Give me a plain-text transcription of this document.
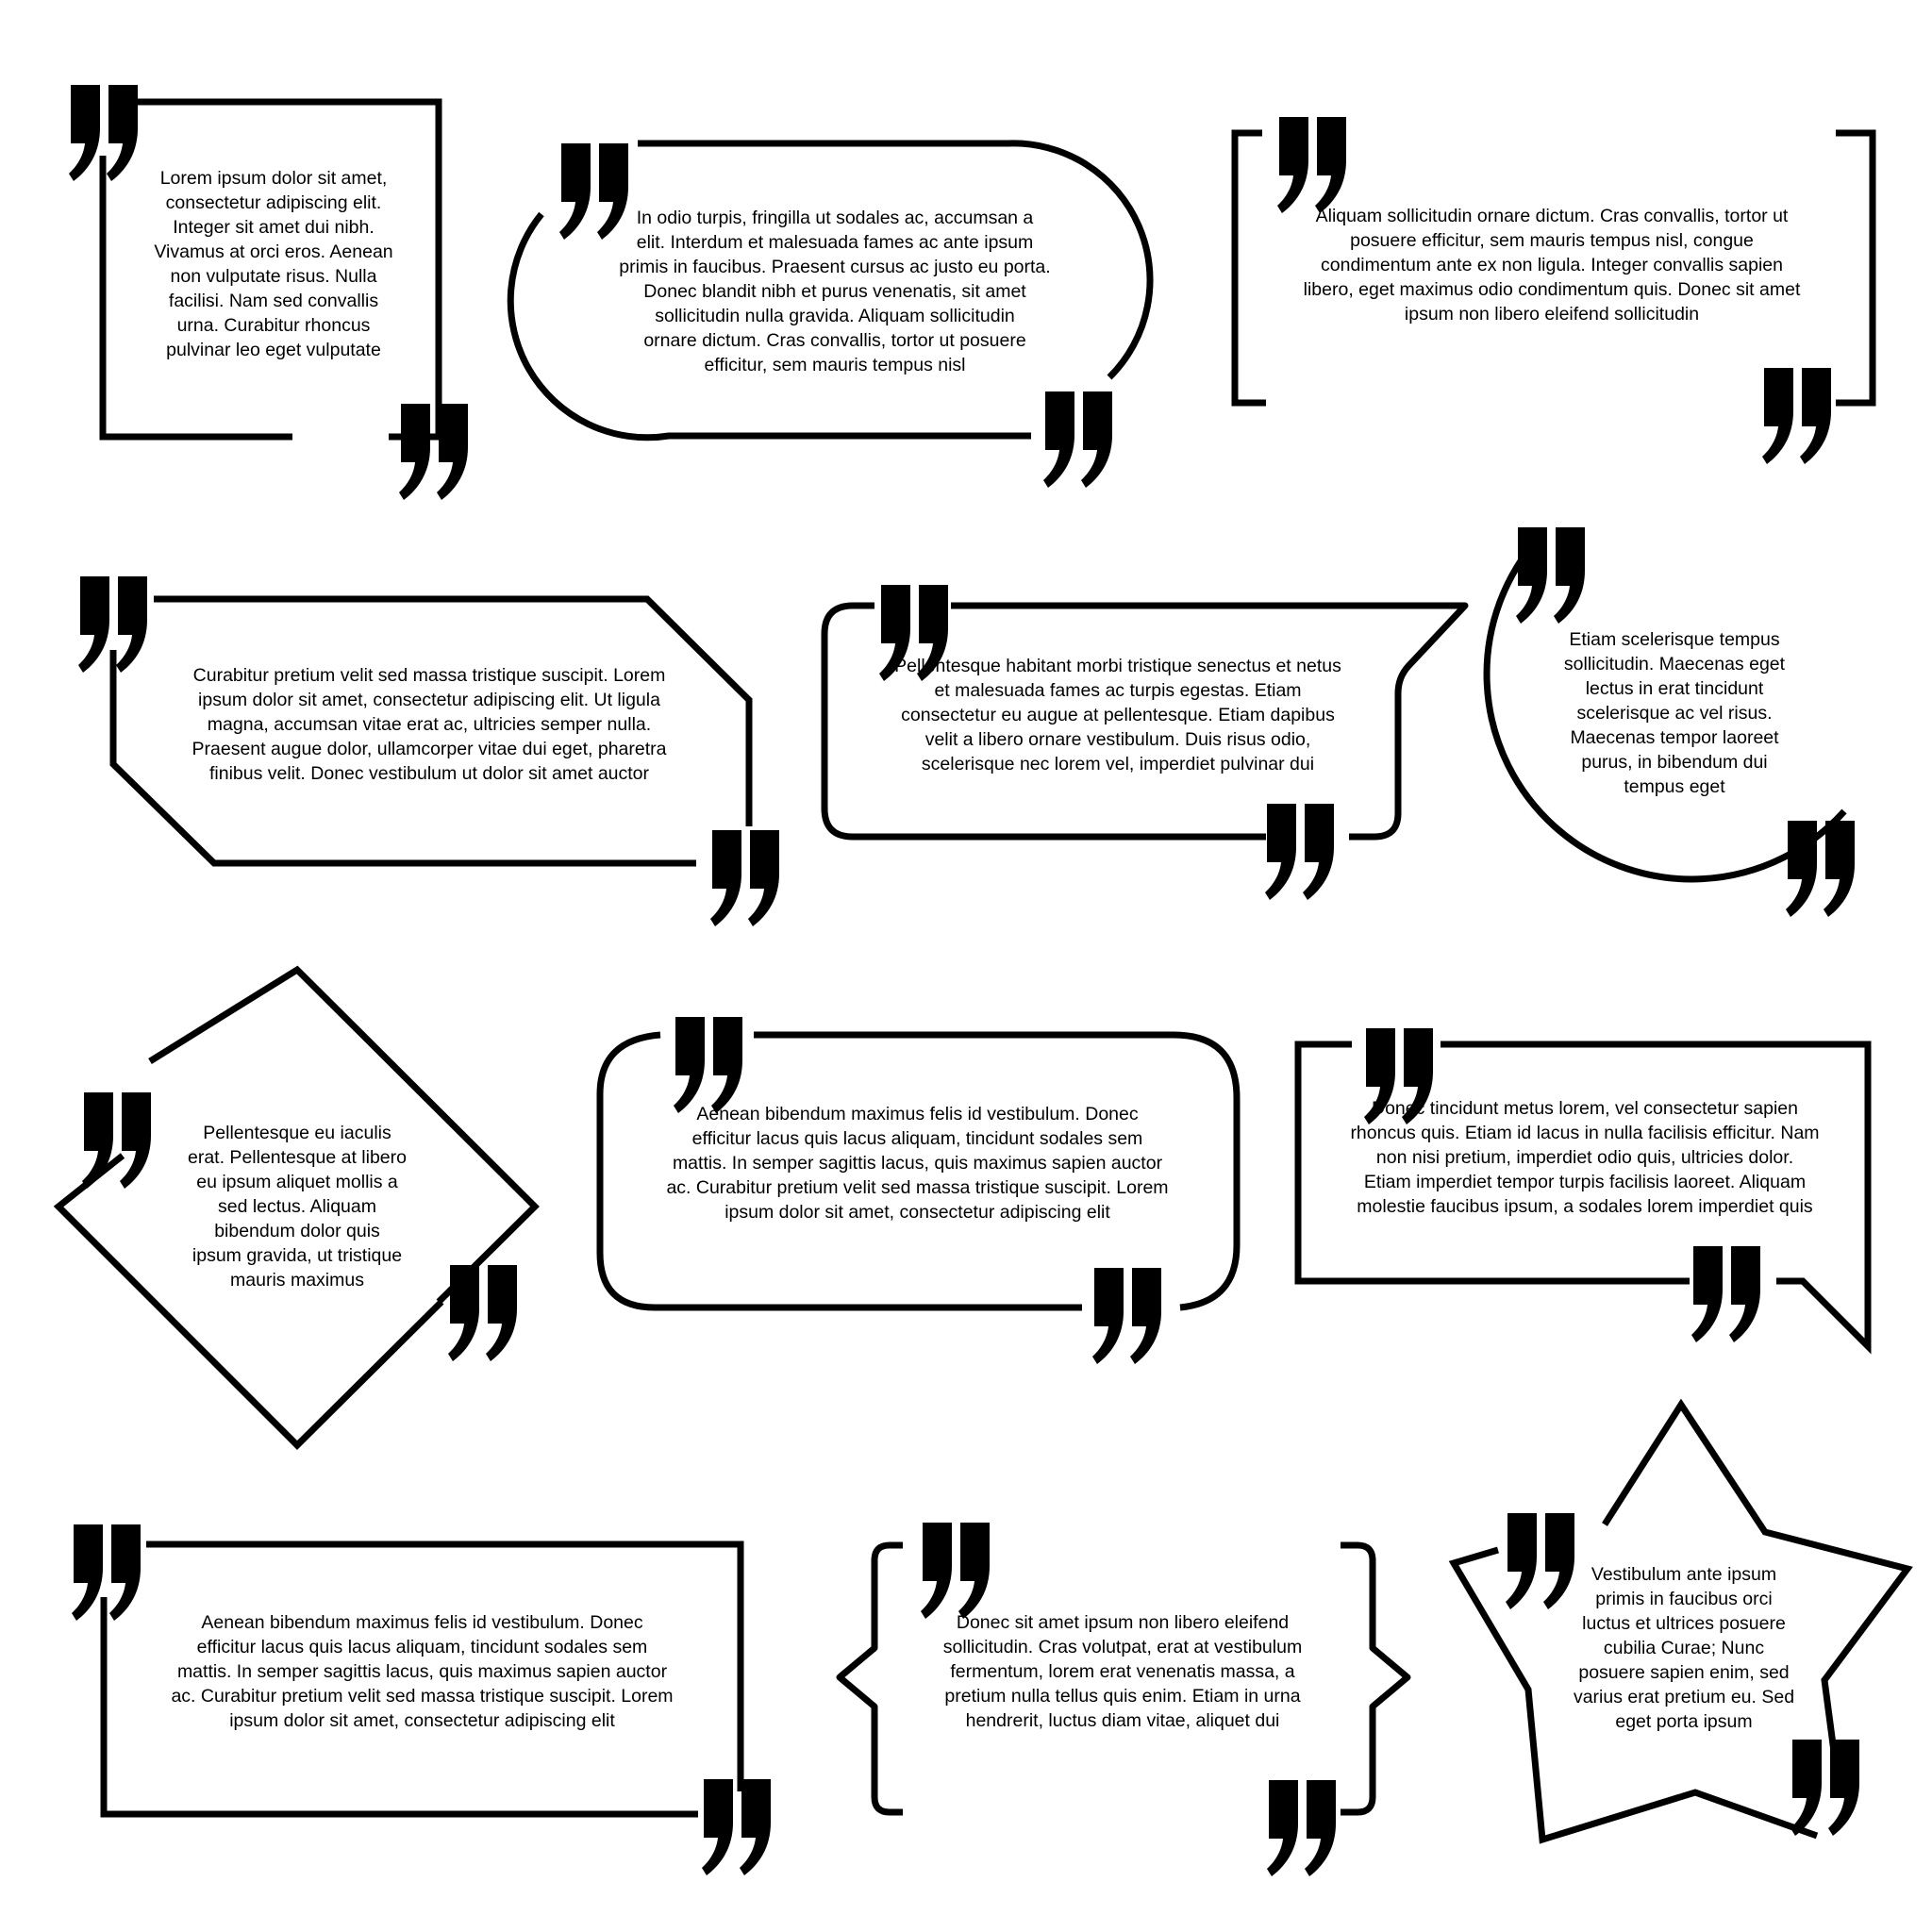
Lorem ipsum dolor sit amet,
consectetur adipiscing elit.
Integer sit amet dui nibh.
Vivamus at orci eros. Aenean
non vulputate risus. Nulla
facilisi. Nam sed convallis
urna. Curabitur rhoncus
pulvinar leo eget vulputate

In odio turpis, fringilla ut sodales ac, accumsan a
elit. Interdum et malesuada fames ac ante ipsum
primis in faucibus. Praesent cursus ac justo eu porta.
Donec blandit nibh et purus venenatis, sit amet
sollicitudin nulla gravida. Aliquam sollicitudin
ornare dictum. Cras convallis, tortor ut posuere
efficitur, sem mauris tempus nisl

Aliquam sollicitudin ornare dictum. Cras convallis, tortor ut
posuere efficitur, sem mauris tempus nisl, congue
condimentum ante ex non ligula. Integer convallis sapien
libero, eget maximus odio condimentum quis. Donec sit amet
ipsum non libero eleifend sollicitudin

Curabitur pretium velit sed massa tristique suscipit. Lorem
ipsum dolor sit amet, consectetur adipiscing elit. Ut ligula
magna, accumsan vitae erat ac, ultricies semper nulla.
Praesent augue dolor, ullamcorper vitae dui eget, pharetra
finibus velit. Donec vestibulum ut dolor sit amet auctor

Pellentesque habitant morbi tristique senectus et netus
et malesuada fames ac turpis egestas. Etiam
consectetur eu augue at pellentesque. Etiam dapibus
velit a libero ornare vestibulum. Duis risus odio,
scelerisque nec lorem vel, imperdiet pulvinar dui

Etiam scelerisque tempus
sollicitudin. Maecenas eget
lectus in erat tincidunt
scelerisque ac vel risus.
Maecenas tempor laoreet
purus, in bibendum dui
tempus eget

Pellentesque eu iaculis
erat. Pellentesque at libero
eu ipsum aliquet mollis a
sed lectus. Aliquam
bibendum dolor quis
ipsum gravida, ut tristique
mauris maximus

Aenean bibendum maximus felis id vestibulum. Donec
efficitur lacus quis lacus aliquam, tincidunt sodales sem
mattis. In semper sagittis lacus, quis maximus sapien auctor
ac. Curabitur pretium velit sed massa tristique suscipit. Lorem
ipsum dolor sit amet, consectetur adipiscing elit

Donec tincidunt metus lorem, vel consectetur sapien
rhoncus quis. Etiam id lacus in nulla facilisis efficitur. Nam
non nisi pretium, imperdiet odio quis, ultricies dolor.
Etiam imperdiet tempor turpis facilisis laoreet. Aliquam
molestie faucibus ipsum, a sodales lorem imperdiet quis

Aenean bibendum maximus felis id vestibulum. Donec
efficitur lacus quis lacus aliquam, tincidunt sodales sem
mattis. In semper sagittis lacus, quis maximus sapien auctor
ac. Curabitur pretium velit sed massa tristique suscipit. Lorem
ipsum dolor sit amet, consectetur adipiscing elit

Donec sit amet ipsum non libero eleifend
sollicitudin. Cras volutpat, erat at vestibulum
fermentum, lorem erat venenatis massa, a
pretium nulla tellus quis enim. Etiam in urna
hendrerit, luctus diam vitae, aliquet dui

Vestibulum ante ipsum
primis in faucibus orci
luctus et ultrices posuere
cubilia Curae; Nunc
posuere sapien enim, sed
varius erat pretium eu. Sed
eget porta ipsum
